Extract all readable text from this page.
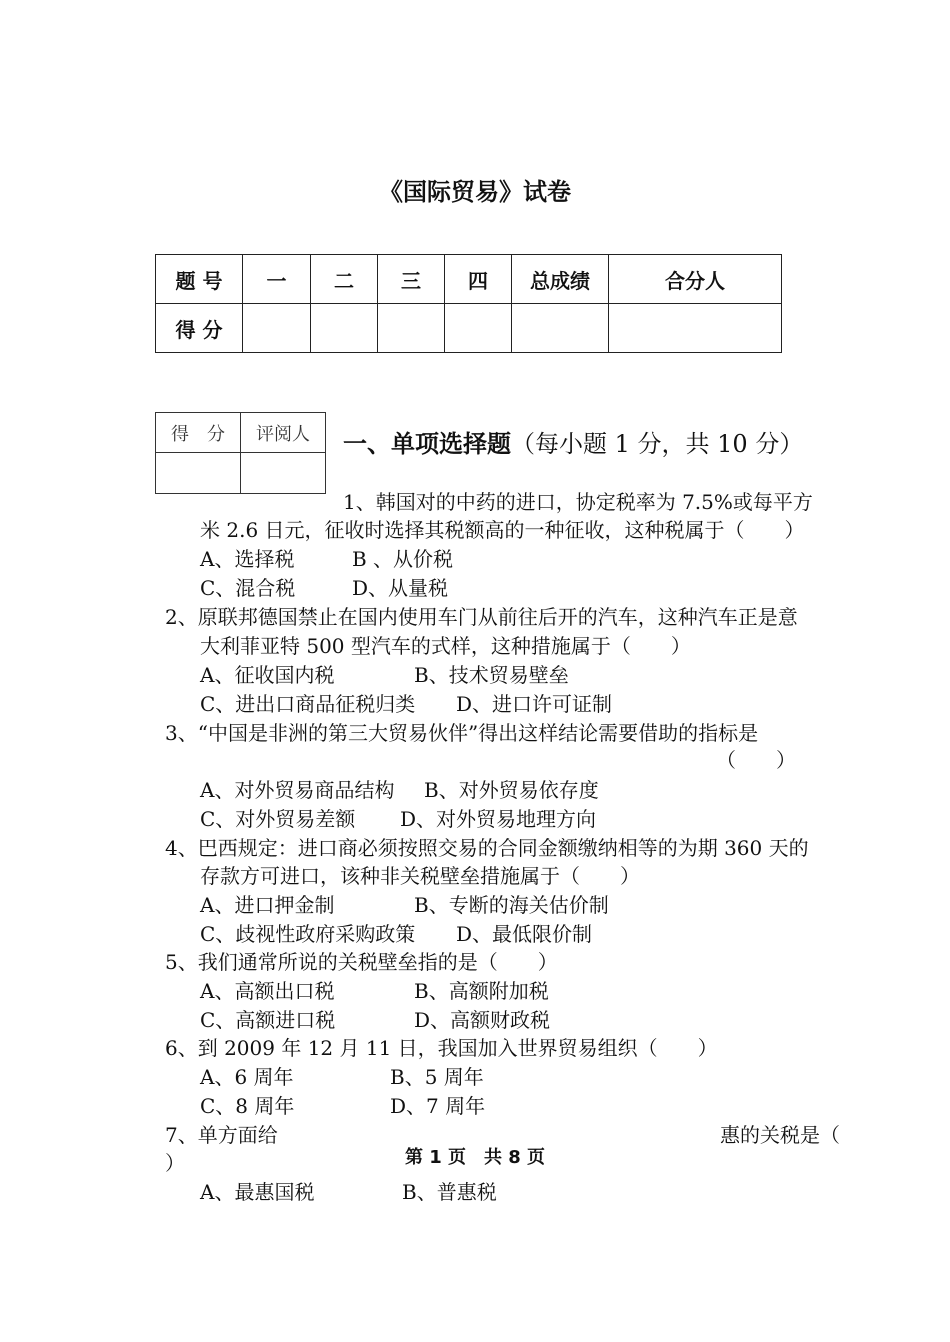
《国际贸易》试卷
题 号	一	二	三	四	总成绩	合分人
得 分						
得　分	评阅人
	一、单项选择题（每小题 1 分，共 10 分）
1、韩国对的中药的进口，协定税率为 7.5%或每平方
米 2.6 日元，征收时选择其税额高的一种征收，这种税属于（　　）
A、选择税	B 、从价税
C、混合税	D、从量税
2、原联邦德国禁止在国内使用车门从前往后开的汽车，这种汽车正是意
大利菲亚特 500 型汽车的式样，这种措施属于（　　）
A、征收国内税	B、技术贸易壁垒
C、进出口商品征税归类 D、进口许可证制
3、“中国是非洲的第三大贸易伙伴”得出这样结论需要借助的指标是
（　　）
A、对外贸易商品结构 B、对外贸易依存度
C、对外贸易差额 D、对外贸易地理方向
4、巴西规定：进口商必须按照交易的合同金额缴纳相等的为期 360 天的
存款方可进口，该种非关税壁垒措施属于（　　）
A、进口押金制	B、专断的海关估价制
C、歧视性政府采购政策 D、最低限价制
5、我们通常所说的关税壁垒指的是（　　）
A、高额出口税	B、高额附加税
C、高额进口税	D、高额财政税
6、到 2009 年 12 月 11 日，我国加入世界贸易组织（　　）
A、6 周年	B、5 周年
C、8 周年	D、7 周年
7、单方面给	惠的关税是（
）
A、最惠国税	B、普惠税
第 1 页　共 8 页
